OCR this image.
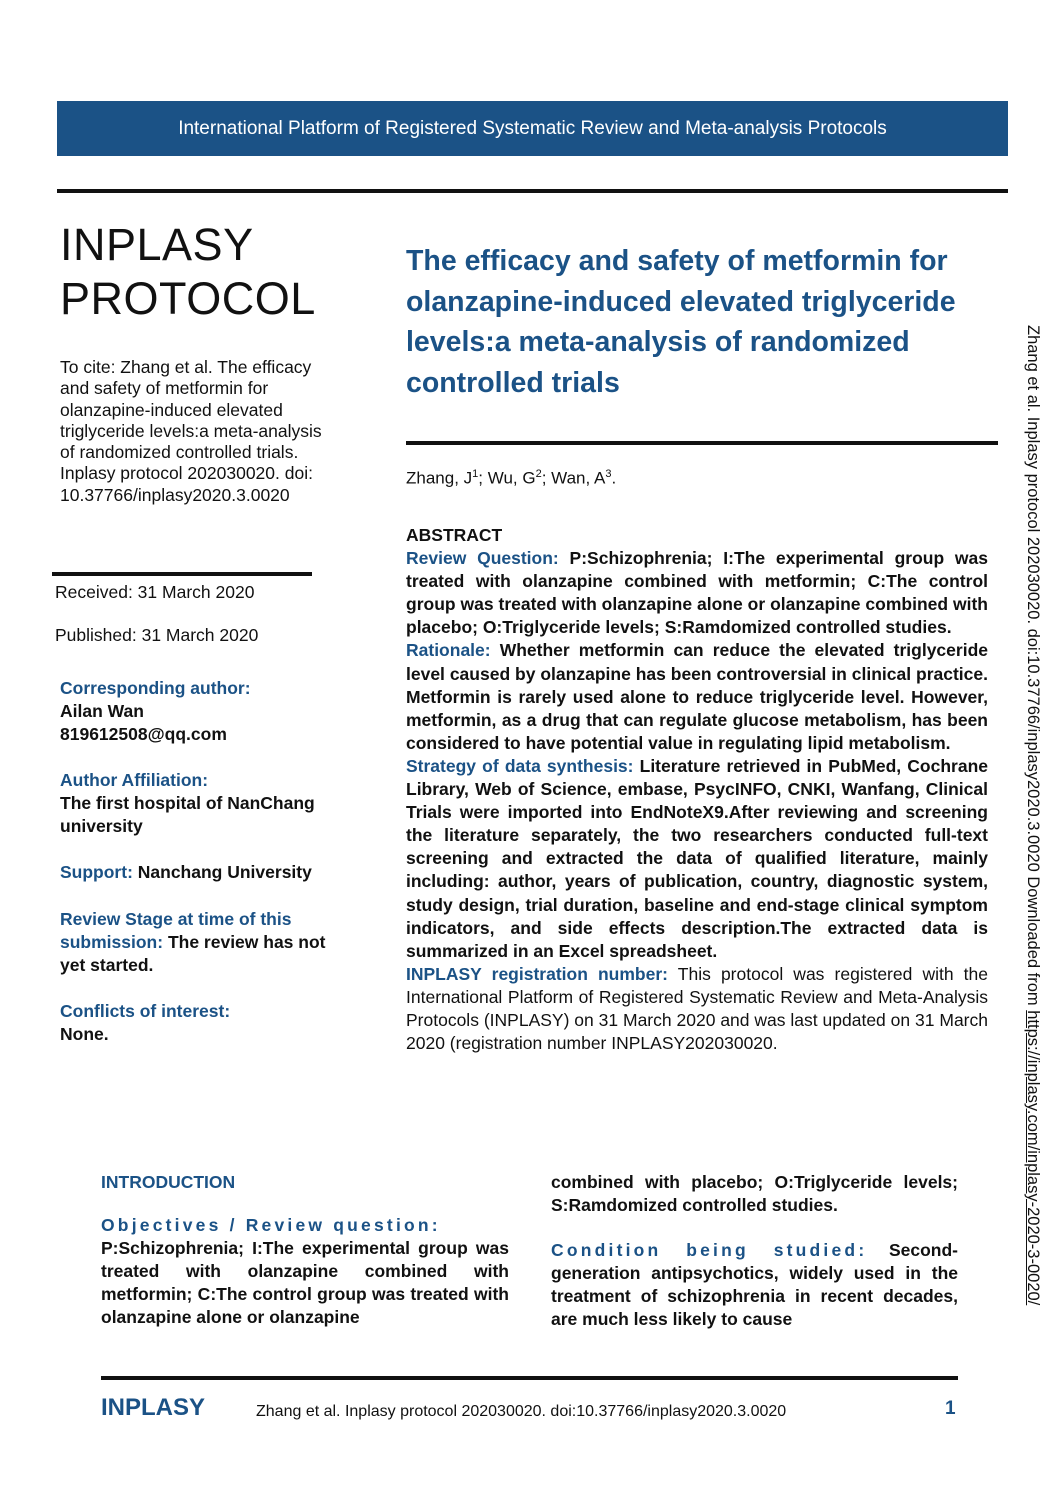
International Platform of Registered Systematic Review and Meta-analysis Protocols
INPLASY
PROTOCOL
To cite: Zhang et al. The efficacy and safety of metformin for olanzapine-induced elevated triglyceride levels:a meta-analysis of randomized controlled trials. Inplasy protocol 202030020. doi: 10.37766/inplasy2020.3.0020
Received: 31 March 2020
Published: 31 March 2020
Corresponding author:
Ailan Wan
819612508@qq.com
Author Affiliation:
The first hospital of NanChang university
Support: Nanchang University
Review Stage at time of this submission: The review has not yet started.
Conflicts of interest:
None.
The efficacy and safety of metformin for olanzapine-induced elevated triglyceride levels:a meta-analysis of randomized controlled trials
Zhang, $J^1$; Wu, $G^2$; Wan, $A^3$.

ABSTRACT

Review Question: P:Schizophrenia; I:The experimental group was treated with olanzapine combined with metformin; C:The control group was treated with olanzapine alone or olanzapine combined with placebo; O:Triglyceride levels; S:Ramdomized controlled studies.

Rationale: Whether metformin can reduce the elevated triglyceride level caused by olanzapine has been controversial in clinical practice. Metformin is rarely used alone to reduce triglyceride level. However, metformin, as a drug that can regulate glucose metabolism, has been considered to have potential value in regulating lipid metabolism.

Strategy of data synthesis: Literature retrieved in PubMed, Cochrane Library, Web of Science, embase, PsycINFO, CNKI, Wanfang, Clinical Trials were imported into EndNoteX9.After reviewing and screening the literature separately, the two researchers conducted full-text screening and extracted the data of qualified literature, mainly including: author, years of publication, country, diagnostic system, study design, trial duration, baseline and end-stage clinical symptom indicators, and side effects description.The extracted data is summarized in an Excel spreadsheet.

INPLASY registration number: This protocol was registered with the International Platform of Registered Systematic Review and Meta-Analysis Protocols (INPLASY) on 31 March 2020 and was last updated on 31 March 2020 (registration number INPLASY202030020.

INTRODUCTION

Objectives / Review question:

P:Schizophrenia; I:The experimental group was treated with olanzapine combined with metformin; C:The control group was treated with olanzapine alone or olanzapine

combined with placebo; O:Triglyceride levels; S:Ramdomized controlled studies.

Condition being studied: Second-generation antipsychotics, widely used in the treatment of schizophrenia in recent decades, are much less likely to cause

INPLASY	Zhang et al. Inplasy protocol 202030020. doi:10.37766/inplasy2020.3.0020	1
Zhang et al. Inplasy protocol 202030020. doi:10.37766/inplasy2020.3.0020 Downloaded from https://inplasy.com/inplasy-2020-3-0020/
